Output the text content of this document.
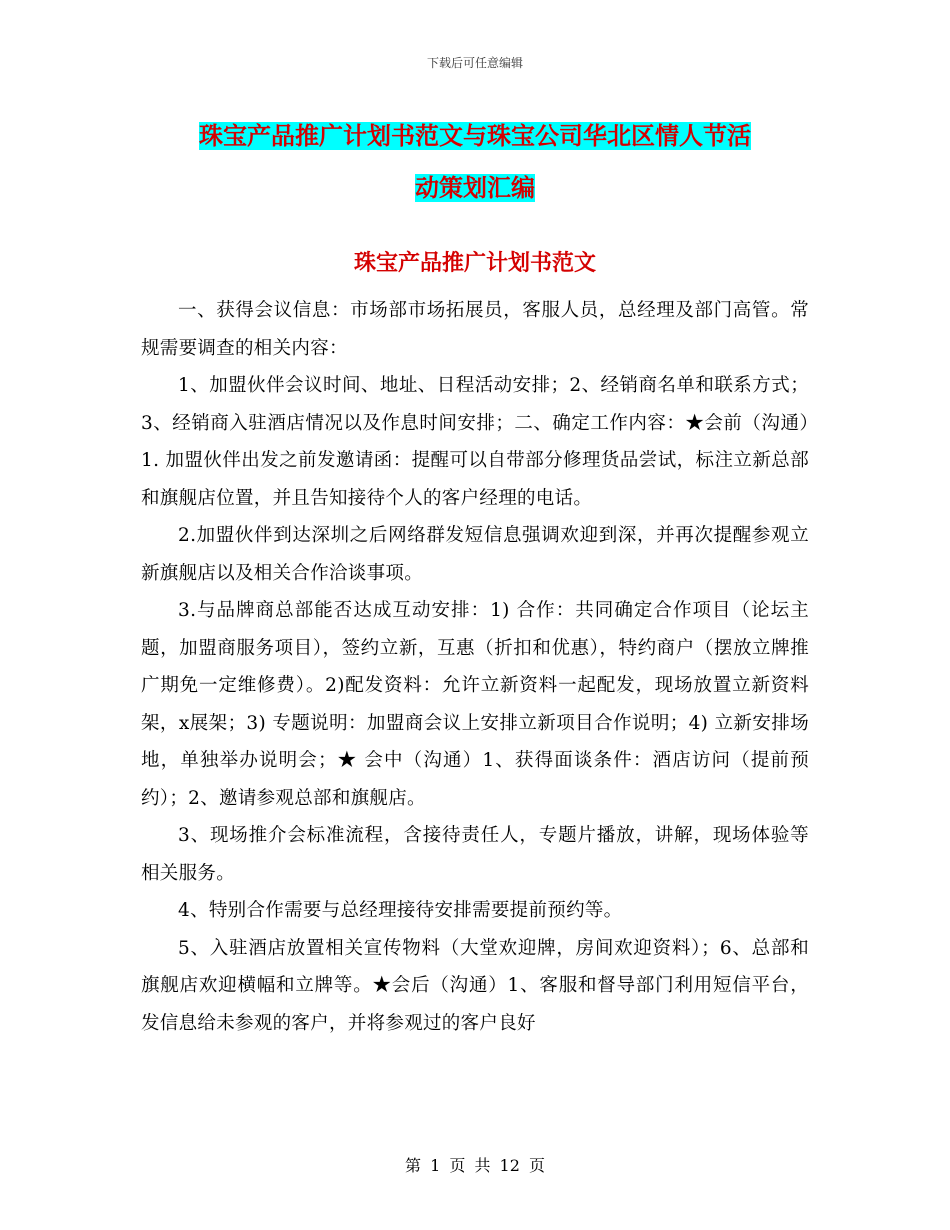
下载后可任意编辑
珠宝产品推广计划书范文与珠宝公司华北区情人节活
动策划汇编
珠宝产品推广计划书范文

一、获得会议信息：市场部市场拓展员，客服人员，总经理及部门高管。常规需要调查的相关内容：

1、加盟伙伴会议时间、地址、日程活动安排；2、经销商名单和联系方式；3、经销商入驻酒店情况以及作息时间安排；二、确定工作内容：★会前（沟通）1. 加盟伙伴出发之前发邀请函：提醒可以自带部分修理货品尝试，标注立新总部和旗舰店位置，并且告知接待个人的客户经理的电话。

2.加盟伙伴到达深圳之后网络群发短信息强调欢迎到深，并再次提醒参观立新旗舰店以及相关合作洽谈事项。

3.与品牌商总部能否达成互动安排：1) 合作：共同确定合作项目（论坛主题，加盟商服务项目），签约立新，互惠（折扣和优惠），特约商户（摆放立牌推广期免一定维修费）。2)配发资料：允许立新资料一起配发，现场放置立新资料架，x展架；3) 专题说明：加盟商会议上安排立新项目合作说明；4) 立新安排场地，单独举办说明会；★ 会中（沟通）1、获得面谈条件：酒店访问（提前预约）；2、邀请参观总部和旗舰店。

3、现场推介会标准流程，含接待责任人，专题片播放，讲解，现场体验等相关服务。

4、特别合作需要与总经理接待安排需要提前预约等。

5、入驻酒店放置相关宣传物料（大堂欢迎牌，房间欢迎资料）；6、总部和旗舰店欢迎横幅和立牌等。★会后（沟通）1、客服和督导部门利用短信平台，发信息给未参观的客户，并将参观过的客户良好

第 1 页 共 12 页
